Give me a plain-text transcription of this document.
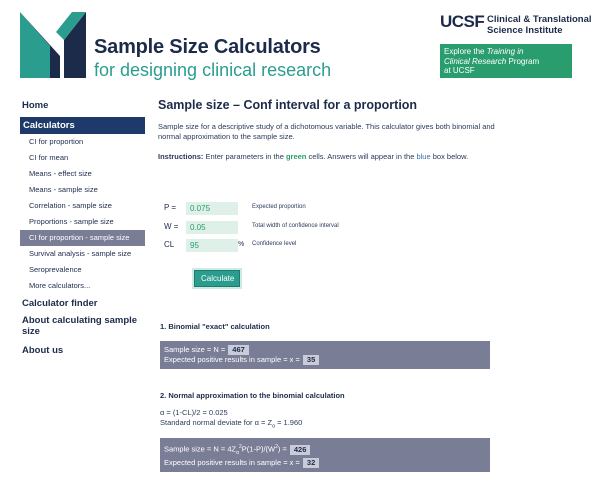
Sample Size Calculators
for designing clinical research
UCSF Clinical & Translational
Science Institute
Explore the Training in
Clinical Research Program
at UCSF
Home
Calculators
CI for proportion
CI for mean
Means - effect size
Means - sample size
Correlation - sample size
Proportions - sample size
CI for proportion - sample size
Survival analysis - sample size
Seroprevalence
More calculators...
Calculator finder
About calculating sample size
About us
Sample size – Conf interval for a proportion
Sample size for a descriptive study of a dichotomous variable. This calculator gives both binomial and normal approximation to the sample size.
Instructions: Enter parameters in the green cells. Answers will appear in the blue box below.
P =
0.075	Expected proportion
W =
0.05	Total width of confidence interval
CL
95	% Confidence level
Calculate
1. Binomial "exact" calculation
Sample size = N = 467
Expected positive results in sample = x = 35
2. Normal approximation to the binomial calculation
α = (1-CL)/2 = 0.025
Standard normal deviate for $\alpha = Z_\alpha = 1.960$
Sample size = $N = 4Z_\alpha^2P(1-P)/(W^2) = 426$
Expected positive results in sample = x = 32
